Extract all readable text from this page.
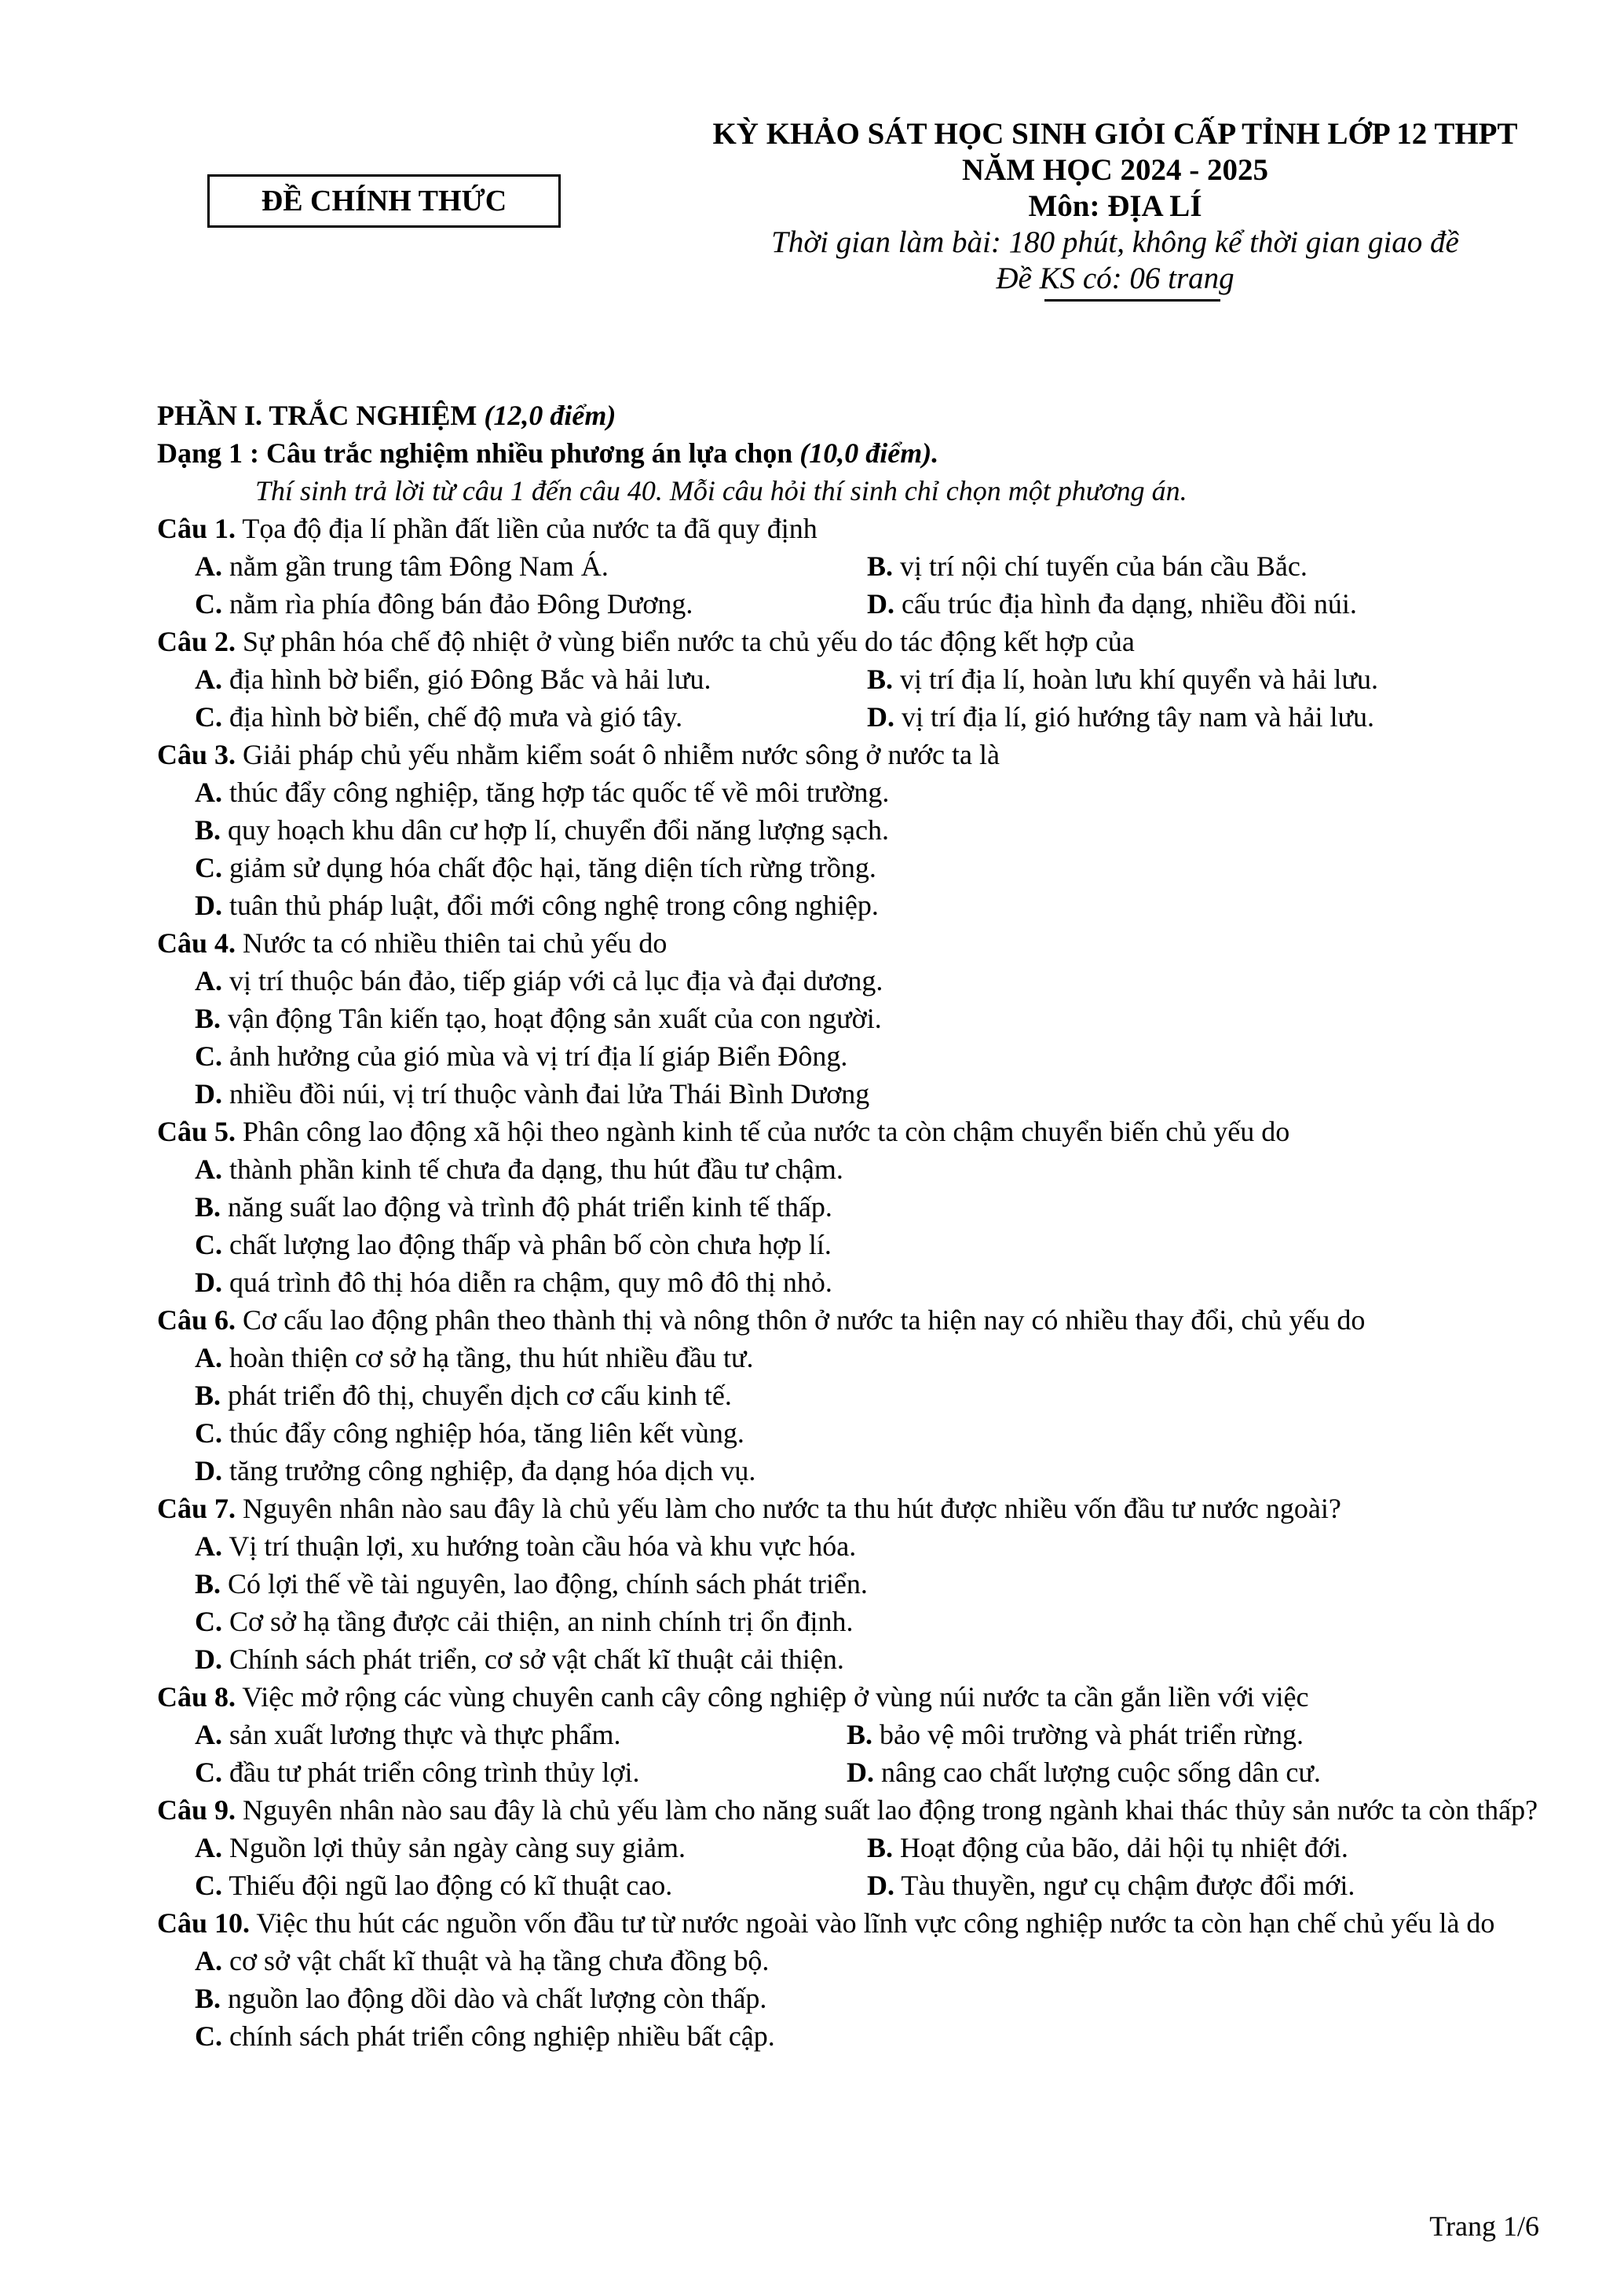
ĐỀ CHÍNH THỨC
KỲ KHẢO SÁT HỌC SINH GIỎI CẤP TỈNH LỚP 12 THPT
NĂM HỌC 2024 - 2025
Môn: ĐỊA LÍ
Thời gian làm bài: 180 phút, không kể thời gian giao đề
Đề KS có: 06 trang
PHẦN I. TRẮC NGHIỆM (12,0 điểm)
Dạng 1 : Câu trắc nghiệm nhiều phương án lựa chọn (10,0 điểm).
Thí sinh trả lời từ câu 1 đến câu 40. Mỗi câu hỏi thí sinh chỉ chọn một phương án.
Câu 1. Tọa độ địa lí phần đất liền của nước ta đã quy định
A. nằm gần trung tâm Đông Nam Á.	B. vị trí nội chí tuyến của bán cầu Bắc.
C. nằm rìa phía đông bán đảo Đông Dương.	D. cấu trúc địa hình đa dạng, nhiều đồi núi.
Câu 2. Sự phân hóa chế độ nhiệt ở vùng biển nước ta chủ yếu do tác động kết hợp của
A. địa hình bờ biển, gió Đông Bắc và hải lưu.	B. vị trí địa lí, hoàn lưu khí quyển và hải lưu.
C. địa hình bờ biển, chế độ mưa và gió tây.	D. vị trí địa lí, gió hướng tây nam và hải lưu.
Câu 3. Giải pháp chủ yếu nhằm kiểm soát ô nhiễm nước sông ở nước ta là
A. thúc đẩy công nghiệp, tăng hợp tác quốc tế về môi trường.
B. quy hoạch khu dân cư hợp lí, chuyển đổi năng lượng sạch.
C. giảm sử dụng hóa chất độc hại, tăng diện tích rừng trồng.
D. tuân thủ pháp luật, đổi mới công nghệ trong công nghiệp.
Câu 4. Nước ta có nhiều thiên tai chủ yếu do
A. vị trí thuộc bán đảo, tiếp giáp với cả lục địa và đại dương.
B. vận động Tân kiến tạo, hoạt động sản xuất của con người.
C. ảnh hưởng của gió mùa và vị trí địa lí giáp Biển Đông.
D. nhiều đồi núi, vị trí thuộc vành đai lửa Thái Bình Dương
Câu 5. Phân công lao động xã hội theo ngành kinh tế của nước ta còn chậm chuyển biến chủ yếu do
A. thành phần kinh tế chưa đa dạng, thu hút đầu tư chậm.
B. năng suất lao động và trình độ phát triển kinh tế thấp.
C. chất lượng lao động thấp và phân bố còn chưa hợp lí.
D. quá trình đô thị hóa diễn ra chậm, quy mô đô thị nhỏ.
Câu 6. Cơ cấu lao động phân theo thành thị và nông thôn ở nước ta hiện nay có nhiều thay đổi, chủ yếu do
A. hoàn thiện cơ sở hạ tầng, thu hút nhiều đầu tư.
B. phát triển đô thị, chuyển dịch cơ cấu kinh tế.
C. thúc đẩy công nghiệp hóa, tăng liên kết vùng.
D. tăng trưởng công nghiệp, đa dạng hóa dịch vụ.
Câu 7. Nguyên nhân nào sau đây là chủ yếu làm cho nước ta thu hút được nhiều vốn đầu tư nước ngoài?
A. Vị trí thuận lợi, xu hướng toàn cầu hóa và khu vực hóa.
B. Có lợi thế về tài nguyên, lao động, chính sách phát triển.
C. Cơ sở hạ tầng được cải thiện, an ninh chính trị ổn định.
D. Chính sách phát triển, cơ sở vật chất kĩ thuật cải thiện.
Câu 8. Việc mở rộng các vùng chuyên canh cây công nghiệp ở vùng núi nước ta cần gắn liền với việc
A. sản xuất lương thực và thực phẩm.	B. bảo vệ môi trường và phát triển rừng.
C. đầu tư phát triển công trình thủy lợi.	D. nâng cao chất lượng cuộc sống dân cư.
Câu 9. Nguyên nhân nào sau đây là chủ yếu làm cho năng suất lao động trong ngành khai thác thủy sản nước ta còn thấp?
A. Nguồn lợi thủy sản ngày càng suy giảm.	B. Hoạt động của bão, dải hội tụ nhiệt đới.
C. Thiếu đội ngũ lao động có kĩ thuật cao.	D. Tàu thuyền, ngư cụ chậm được đổi mới.
Câu 10. Việc thu hút các nguồn vốn đầu tư từ nước ngoài vào lĩnh vực công nghiệp nước ta còn hạn chế chủ yếu là do
A. cơ sở vật chất kĩ thuật và hạ tầng chưa đồng bộ.
B. nguồn lao động dồi dào và chất lượng còn thấp.
C. chính sách phát triển công nghiệp nhiều bất cập.
Trang 1/6
